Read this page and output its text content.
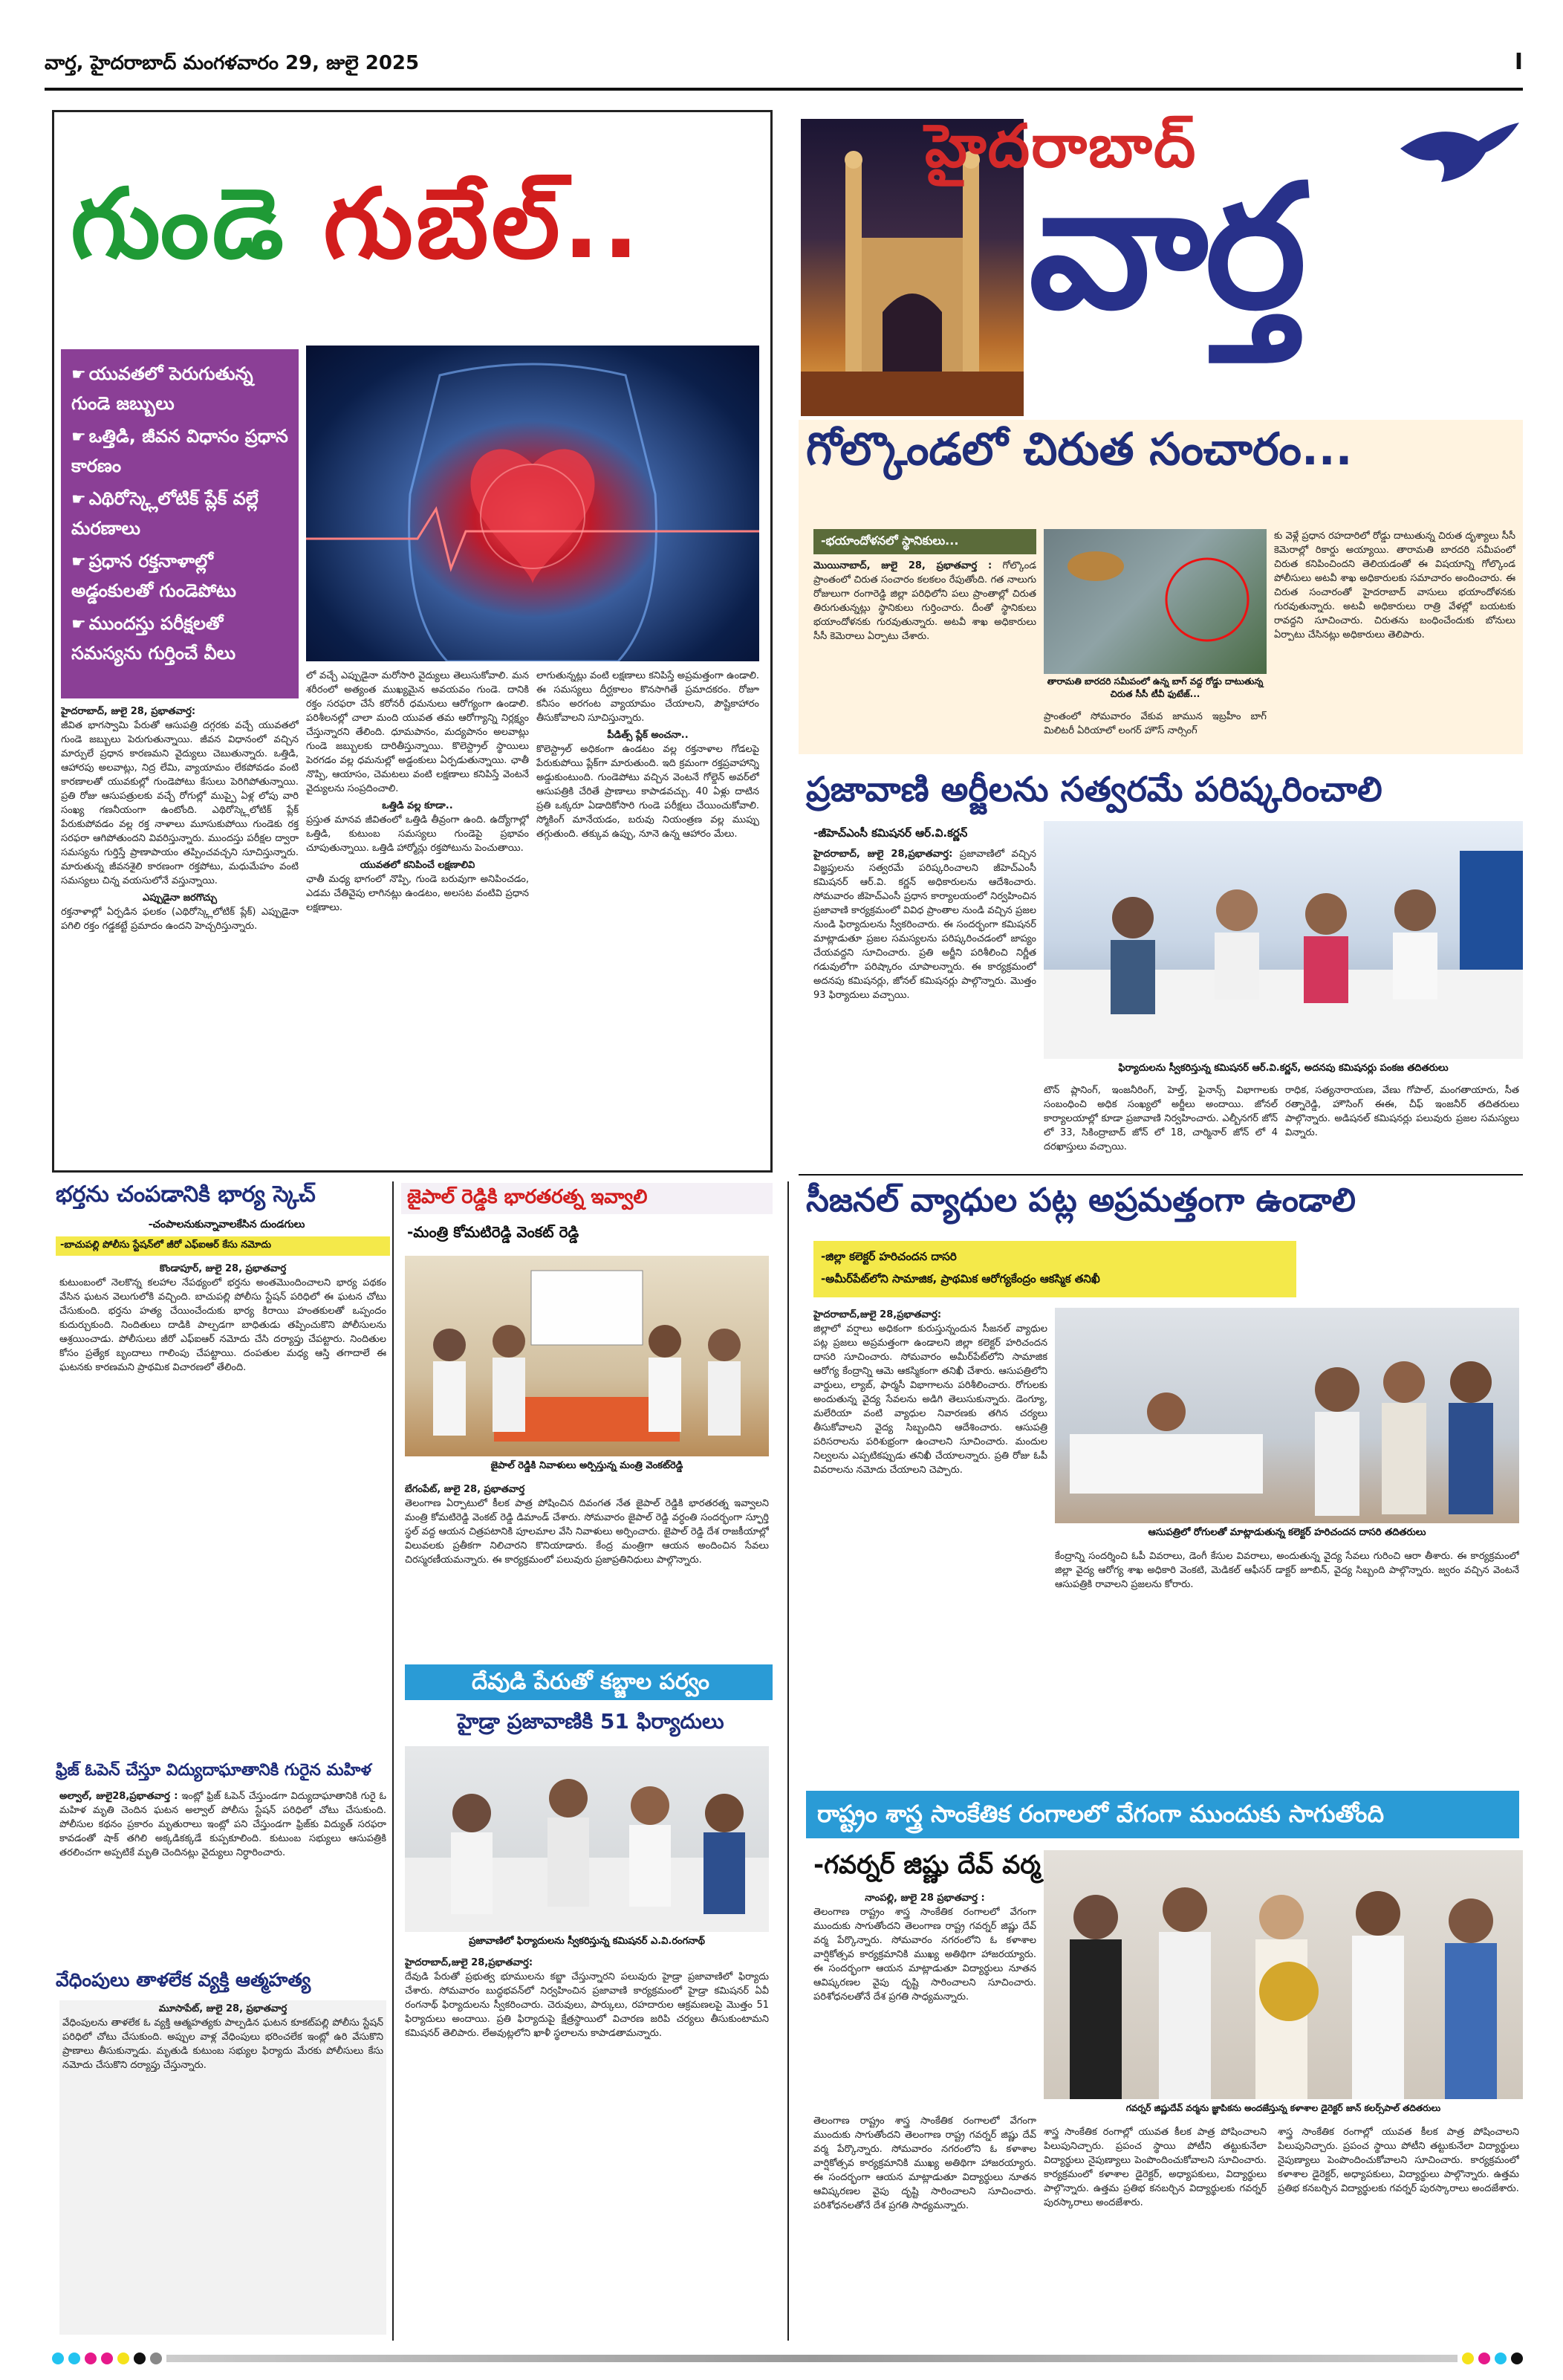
వార్త, హైదరాబాద్ మంగళవారం 29, జులై 2025	I
గుండె గుబేల్..
☛ యువతలో పెరుగుతున్న గుండె జబ్బులు
☛ ఒత్తిడి, జీవన విధానం ప్రధాన కారణం
☛ ఎథిరోస్క్లెలోటిక్ ప్లేక్ వల్లే మరణాలు
☛ ప్రధాన రక్తనాళాల్లో అడ్డంకులతో గుండెపోటు
☛ ముందస్తు పరీక్షలతో సమస్యను గుర్తించే వీలు
హైదరాబాద్, జులై 28, ప్రభాతవార్త:
జీవిత భాగస్వామి పేరుతో ఆసుపత్రి దగ్గరకు వచ్చే యువతలో గుండె జబ్బులు పెరుగుతున్నాయి. జీవన విధానంలో వచ్చిన మార్పులే ప్రధాన కారణమని వైద్యులు చెబుతున్నారు. ఒత్తిడి, ఆహారపు అలవాట్లు, నిద్ర లేమి, వ్యాయామం లేకపోవడం వంటి కారణాలతో యువకుల్లో గుండెపోటు కేసులు పెరిగిపోతున్నాయి. ప్రతి రోజు ఆసుపత్రులకు వచ్చే రోగుల్లో ముప్పై ఏళ్ల లోపు వారి సంఖ్య గణనీయంగా ఉంటోంది. ఎథిరోస్క్లెలోటిక్ ప్లేక్ పేరుకుపోవడం వల్ల రక్త నాళాలు మూసుకుపోయి గుండెకు రక్త సరఫరా ఆగిపోతుందని వివరిస్తున్నారు. ముందస్తు పరీక్షల ద్వారా సమస్యను గుర్తిస్తే ప్రాణాపాయం తప్పించవచ్చని సూచిస్తున్నారు. మారుతున్న జీవనశైలి కారణంగా రక్తపోటు, మధుమేహం వంటి సమస్యలు చిన్న వయసులోనే వస్తున్నాయి.
ఎప్పుడైనా జరగొచ్చు
రక్తనాళాల్లో ఏర్పడిన ఫలకం (ఎథిరోస్క్లెలోటిక్ ప్లేక్) ఎప్పుడైనా పగిలి రక్తం గడ్డకట్టే ప్రమాదం ఉందని హెచ్చరిస్తున్నారు.
లో వచ్చే ఎప్పుడైనా మరోసారి వైద్యులు తెలుసుకోవాలి. మన శరీరంలో అత్యంత ముఖ్యమైన అవయవం గుండె. దానికి రక్తం సరఫరా చేసే కరోనరీ ధమనులు ఆరోగ్యంగా ఉండాలి. పరిశీలనల్లో చాలా మంది యువత తమ ఆరోగ్యాన్ని నిర్లక్ష్యం చేస్తున్నారని తేలింది. ధూమపానం, మద్యపానం అలవాట్లు గుండె జబ్బులకు దారితీస్తున్నాయి. కొలెస్ట్రాల్ స్థాయిలు పెరగడం వల్ల ధమనుల్లో అడ్డంకులు ఏర్పడుతున్నాయి. ఛాతీ నొప్పి, ఆయాసం, చెమటలు వంటి లక్షణాలు కనిపిస్తే వెంటనే వైద్యులను సంప్రదించాలి.
ఒత్తిడి వల్ల కూడా..
ప్రస్తుత మానవ జీవితంలో ఒత్తిడి తీవ్రంగా ఉంది. ఉద్యోగాల్లో ఒత్తిడి, కుటుంబ సమస్యలు గుండెపై ప్రభావం చూపుతున్నాయి. ఒత్తిడి హార్మోన్లు రక్తపోటును పెంచుతాయి.
యువతలో కనిపించే లక్షణాలివి
ఛాతీ మధ్య భాగంలో నొప్పి, గుండె బరువుగా అనిపించడం, ఎడమ చేతివైపు లాగినట్లు ఉండటం, అలసట వంటివి ప్రధాన లక్షణాలు.
లాగుతున్నట్లు వంటి లక్షణాలు కనిపిస్తే అప్రమత్తంగా ఉండాలి. ఈ సమస్యలు దీర్ఘకాలం కొనసాగితే ప్రమాదకరం. రోజూ కనీసం అరగంట వ్యాయామం చేయాలని, పౌష్టికాహారం తీసుకోవాలని సూచిస్తున్నారు.
పీడిత్స్ ప్లేక్ అంచనా..
కొలెస్ట్రాల్ అధికంగా ఉండటం వల్ల రక్తనాళాల గోడలపై పేరుకుపోయి ప్లేక్‌గా మారుతుంది. ఇది క్రమంగా రక్తప్రవాహాన్ని అడ్డుకుంటుంది. గుండెపోటు వచ్చిన వెంటనే గోల్డెన్ అవర్‌లో ఆసుపత్రికి చేరితే ప్రాణాలు కాపాడవచ్చు. 40 ఏళ్లు దాటిన ప్రతి ఒక్కరూ ఏడాదికోసారి గుండె పరీక్షలు చేయించుకోవాలి. స్మోకింగ్ మానేయడం, బరువు నియంత్రణ వల్ల ముప్పు తగ్గుతుంది. తక్కువ ఉప్పు, నూనె ఉన్న ఆహారం మేలు.
హైదరాబాద్
వార్త
గోల్కొండలో చిరుత సంచారం...
-భయాందోళనలో స్థానికులు...
మొయినాబాద్, జులై 28, ప్రభాతవార్త : గోల్కొండ ప్రాంతంలో చిరుత సంచారం కలకలం రేపుతోంది. గత నాలుగు రోజులుగా రంగారెడ్డి జిల్లా పరిధిలోని పలు ప్రాంతాల్లో చిరుత తిరుగుతున్నట్లు స్థానికులు గుర్తించారు. దీంతో స్థానికులు భయాందోళనకు గురవుతున్నారు. అటవీ శాఖ అధికారులు సీసీ కెమెరాలు ఏర్పాటు చేశారు.
తారామతి బారదరి సమీపంలో ఉన్న బాగ్ వద్ద రోడ్డు దాటుతున్న చిరుత సీసీ టీవీ ఫుటేజ్...
ప్రాంతంలో సోమవారం వేకువ జామున ఇబ్రహీం బాగ్ మిలిటరీ ఏరియాలో లంగర్ హౌస్ నార్సింగ్
కు వెళ్లే ప్రధాన రహదారిలో రోడ్డు దాటుతున్న చిరుత దృశ్యాలు సీసీ కెమెరాల్లో రికార్డు అయ్యాయి. తారామతి బారదరి సమీపంలో చిరుత కనిపించిందని తెలియడంతో ఈ విషయాన్ని గోల్కొండ పోలీసులు అటవీ శాఖ అధికారులకు సమాచారం అందించారు. ఈ చిరుత సంచారంతో హైదరాబాద్ వాసులు భయాందోళనకు గురవుతున్నారు. అటవీ అధికారులు రాత్రి వేళల్లో బయటకు రావద్దని సూచించారు. చిరుతను బంధించేందుకు బోనులు ఏర్పాటు చేసినట్లు అధికారులు తెలిపారు.
ప్రజావాణి అర్జీలను సత్వరమే పరిష్కరించాలి
-జీహెచ్ఎంసీ కమిషనర్ ఆర్.వి.కర్ణన్
హైదరాబాద్, జులై 28,ప్రభాతవార్త: ప్రజావాణిలో వచ్చిన విజ్ఞప్తులను సత్వరమే పరిష్కరించాలని జీహెచ్ఎంసీ కమిషనర్ ఆర్.వి. కర్ణన్ అధికారులను ఆదేశించారు. సోమవారం జీహెచ్ఎంసీ ప్రధాన కార్యాలయంలో నిర్వహించిన ప్రజావాణి కార్యక్రమంలో వివిధ ప్రాంతాల నుండి వచ్చిన ప్రజల నుండి ఫిర్యాదులను స్వీకరించారు. ఈ సందర్భంగా కమిషనర్ మాట్లాడుతూ ప్రజల సమస్యలను పరిష్కరించడంలో జాప్యం చేయవద్దని సూచించారు. ప్రతి అర్జీని పరిశీలించి నిర్ణీత గడువులోగా పరిష్కారం చూపాలన్నారు. ఈ కార్యక్రమంలో అదనపు కమిషనర్లు, జోనల్ కమిషనర్లు పాల్గొన్నారు. మొత్తం 93 ఫిర్యాదులు వచ్చాయి.
ఫిర్యాదులను స్వీకరిస్తున్న కమిషనర్ ఆర్.వి.కర్ణన్, అదనపు కమిషనర్లు పంకజ తదితరులు
టౌన్ ప్లానింగ్, ఇంజనీరింగ్, హెల్త్, ఫైనాన్స్ విభాగాలకు సంబంధించి అధిక సంఖ్యలో అర్జీలు అందాయి. జోనల్ కార్యాలయాల్లో కూడా ప్రజావాణి నిర్వహించారు. ఎల్బీనగర్ జోన్ లో 33, సికింద్రాబాద్ జోన్ లో 18, చార్మినార్ జోన్ లో 4 దరఖాస్తులు వచ్చాయి.
రాధిక, సత్యనారాయణ, వేణు గోపాల్, మంగతాయారు, సీత రత్నారెడ్డి, హౌసింగ్ ఈఈ, చీఫ్ ఇంజనీర్ తదితరులు పాల్గొన్నారు. అడిషనల్ కమిషనర్లు పలువురు ప్రజల సమస్యలు విన్నారు.
సీజనల్ వ్యాధుల పట్ల అప్రమత్తంగా ఉండాలి
-జిల్లా కలెక్టర్ హరిచందన దాసరి
-అమీర్‌పేట్‌లోని సామాజిక, ప్రాథమిక ఆరోగ్యకేంద్రం ఆకస్మిక తనిఖీ
హైదరాబాద్,జులై 28,ప్రభాతవార్త:
జిల్లాలో వర్షాలు అధికంగా కురుస్తున్నందున సీజనల్ వ్యాధుల పట్ల ప్రజలు అప్రమత్తంగా ఉండాలని జిల్లా కలెక్టర్ హరిచందన దాసరి సూచించారు. సోమవారం అమీర్‌పేట్‌లోని సామాజిక ఆరోగ్య కేంద్రాన్ని ఆమె ఆకస్మికంగా తనిఖీ చేశారు. ఆసుపత్రిలోని వార్డులు, ల్యాబ్, ఫార్మసీ విభాగాలను పరిశీలించారు. రోగులకు అందుతున్న వైద్య సేవలను అడిగి తెలుసుకున్నారు. డెంగ్యూ, మలేరియా వంటి వ్యాధుల నివారణకు తగిన చర్యలు తీసుకోవాలని వైద్య సిబ్బందిని ఆదేశించారు. ఆసుపత్రి పరిసరాలను పరిశుభ్రంగా ఉంచాలని సూచించారు. మందుల నిల్వలను ఎప్పటికప్పుడు తనిఖీ చేయాలన్నారు. ప్రతి రోజు ఓపీ వివరాలను నమోదు చేయాలని చెప్పారు.
ఆసుపత్రిలో రోగులతో మాట్లాడుతున్న కలెక్టర్ హరిచందన దాసరి తదితరులు
కేంద్రాన్ని సందర్శించి ఓపీ వివరాలు, డెంగీ కేసుల వివరాలు, అందుతున్న వైద్య సేవలు గురించి ఆరా తీశారు. ఈ కార్యక్రమంలో జిల్లా వైద్య ఆరోగ్య శాఖ అధికారి వెంకటి, మెడికల్ ఆఫీసర్ డాక్టర్ జూబిన్, వైద్య సిబ్బంది పాల్గొన్నారు. జ్వరం వచ్చిన వెంటనే ఆసుపత్రికి రావాలని ప్రజలను కోరారు.
రాష్ట్రం శాస్త్ర సాంకేతిక రంగాలలో వేగంగా ముందుకు సాగుతోంది
-గవర్నర్ జిష్ణు దేవ్ వర్మ
నాంపల్లి, జులై 28 ప్రభాతవార్త :
తెలంగాణ రాష్ట్రం శాస్త్ర సాంకేతిక రంగాలలో వేగంగా ముందుకు సాగుతోందని తెలంగాణ రాష్ట్ర గవర్నర్ జిష్ణు దేవ్ వర్మ పేర్కొన్నారు. సోమవారం నగరంలోని ఓ కళాశాల వార్షికోత్సవ కార్యక్రమానికి ముఖ్య అతిథిగా హాజరయ్యారు. ఈ సందర్భంగా ఆయన మాట్లాడుతూ విద్యార్థులు నూతన ఆవిష్కరణల వైపు దృష్టి సారించాలని సూచించారు. పరిశోధనలతోనే దేశ ప్రగతి సాధ్యమన్నారు.
గవర్నర్ జిష్ణుదేవ్ వర్మను జ్ఞాపికను అందజేస్తున్న కళాశాల డైరెక్టర్ జాన్ కలర్స్‌పాల్ తదితరులు
శాస్త్ర సాంకేతిక రంగాల్లో యువత కీలక పాత్ర పోషించాలని పిలుపునిచ్చారు. ప్రపంచ స్థాయి పోటీని తట్టుకునేలా విద్యార్థులు నైపుణ్యాలు పెంపొందించుకోవాలని సూచించారు. కార్యక్రమంలో కళాశాల డైరెక్టర్, అధ్యాపకులు, విద్యార్థులు పాల్గొన్నారు. ఉత్తమ ప్రతిభ కనబర్చిన విద్యార్థులకు గవర్నర్ పురస్కారాలు అందజేశారు.
తెలంగాణ రాష్ట్రం శాస్త్ర సాంకేతిక రంగాలలో వేగంగా ముందుకు సాగుతోందని తెలంగాణ రాష్ట్ర గవర్నర్ జిష్ణు దేవ్ వర్మ పేర్కొన్నారు. సోమవారం నగరంలోని ఓ కళాశాల వార్షికోత్సవ కార్యక్రమానికి ముఖ్య అతిథిగా హాజరయ్యారు. ఈ సందర్భంగా ఆయన మాట్లాడుతూ విద్యార్థులు నూతన ఆవిష్కరణల వైపు దృష్టి సారించాలని సూచించారు. పరిశోధనలతోనే దేశ ప్రగతి సాధ్యమన్నారు.
శాస్త్ర సాంకేతిక రంగాల్లో యువత కీలక పాత్ర పోషించాలని పిలుపునిచ్చారు. ప్రపంచ స్థాయి పోటీని తట్టుకునేలా విద్యార్థులు నైపుణ్యాలు పెంపొందించుకోవాలని సూచించారు. కార్యక్రమంలో కళాశాల డైరెక్టర్, అధ్యాపకులు, విద్యార్థులు పాల్గొన్నారు. ఉత్తమ ప్రతిభ కనబర్చిన విద్యార్థులకు గవర్నర్ పురస్కారాలు అందజేశారు.
భర్తను చంపడానికి భార్య స్కెచ్
-చంపాలనుకున్నావాలకేసిన దుండగులు
-బాచుపల్లి పోలీసు స్టేషన్‌లో జీరో ఎఫ్ఐఆర్ కేసు నమోదు
కొండాపూర్, జులై 28, ప్రభాతవార్త
కుటుంబంలో నెలకొన్న కలహాల నేపథ్యంలో భర్తను అంతమొందించాలని భార్య పథకం వేసిన ఘటన వెలుగులోకి వచ్చింది. బాచుపల్లి పోలీసు స్టేషన్ పరిధిలో ఈ ఘటన చోటు చేసుకుంది. భర్తను హత్య చేయించేందుకు భార్య కిరాయి హంతకులతో ఒప్పందం కుదుర్చుకుంది. నిందితులు దాడికి పాల్పడగా బాధితుడు తప్పించుకొని పోలీసులను ఆశ్రయించాడు. పోలీసులు జీరో ఎఫ్ఐఆర్ నమోదు చేసి దర్యాప్తు చేపట్టారు. నిందితుల కోసం ప్రత్యేక బృందాలు గాలింపు చేపట్టాయి. దంపతుల మధ్య ఆస్తి తగాదాలే ఈ ఘటనకు కారణమని ప్రాథమిక విచారణలో తేలింది.
ఫ్రిజ్ ఓపెన్ చేస్తూ విద్యుదాఘాతానికి గురైన మహిళ
అల్వాల్, జులై28,ప్రభాతవార్త : ఇంట్లో ఫ్రిజ్ ఓపెన్ చేస్తుండగా విద్యుదాఘాతానికి గురై ఓ మహిళ మృతి చెందిన ఘటన అల్వాల్ పోలీసు స్టేషన్ పరిధిలో చోటు చేసుకుంది. పోలీసుల కథనం ప్రకారం మృతురాలు ఇంట్లో పని చేస్తుండగా ఫ్రిజ్‌కు విద్యుత్ సరఫరా కావడంతో షాక్ తగిలి అక్కడికక్కడే కుప్పకూలింది. కుటుంబ సభ్యులు ఆసుపత్రికి తరలించగా అప్పటికే మృతి చెందినట్లు వైద్యులు నిర్ధారించారు.
వేధింపులు తాళలేక వ్యక్తి ఆత్మహత్య
మూసాపేట్, జులై 28, ప్రభాతవార్త
వేధింపులను తాళలేక ఓ వ్యక్తి ఆత్మహత్యకు పాల్పడిన ఘటన కూకట్‌పల్లి పోలీసు స్టేషన్ పరిధిలో చోటు చేసుకుంది. అప్పుల వాళ్ల వేధింపులు భరించలేక ఇంట్లో ఉరి వేసుకొని ప్రాణాలు తీసుకున్నాడు. మృతుడి కుటుంబ సభ్యుల ఫిర్యాదు మేరకు పోలీసులు కేసు నమోదు చేసుకొని దర్యాప్తు చేస్తున్నారు.
జైపాల్ రెడ్డికి భారతరత్న ఇవ్వాలి
-మంత్రి కోమటిరెడ్డి వెంకట్ రెడ్డి
జైపాల్ రెడ్డికి నివాళులు అర్పిస్తున్న మంత్రి వెంకట్‌రెడ్డి
బేగంపేట్, జులై 28, ప్రభాతవార్త
తెలంగాణ ఏర్పాటులో కీలక పాత్ర పోషించిన దివంగత నేత జైపాల్ రెడ్డికి భారతరత్న ఇవ్వాలని మంత్రి కోమటిరెడ్డి వెంకట్ రెడ్డి డిమాండ్ చేశారు. సోమవారం జైపాల్ రెడ్డి వర్ధంతి సందర్భంగా స్ఫూర్తి స్థల్ వద్ద ఆయన చిత్రపటానికి పూలమాల వేసి నివాళులు అర్పించారు. జైపాల్ రెడ్డి దేశ రాజకీయాల్లో విలువలకు ప్రతీకగా నిలిచారని కొనియాడారు. కేంద్ర మంత్రిగా ఆయన అందించిన సేవలు చిరస్మరణీయమన్నారు. ఈ కార్యక్రమంలో పలువురు ప్రజాప్రతినిధులు పాల్గొన్నారు.
దేవుడి పేరుతో కబ్జాల పర్వం
హైడ్రా ప్రజావాణికి 51 ఫిర్యాదులు
ప్రజావాణిలో ఫిర్యాదులను స్వీకరిస్తున్న కమిషనర్ ఎ.వి.రంగనాథ్
హైదరాబాద్,జులై 28,ప్రభాతవార్త:
దేవుడి పేరుతో ప్రభుత్వ భూములను కబ్జా చేస్తున్నారని పలువురు హైడ్రా ప్రజావాణిలో ఫిర్యాదు చేశారు. సోమవారం బుద్ధభవన్‌లో నిర్వహించిన ప్రజావాణి కార్యక్రమంలో హైడ్రా కమిషనర్ ఏవీ రంగనాథ్ ఫిర్యాదులను స్వీకరించారు. చెరువులు, పార్కులు, రహదారుల ఆక్రమణలపై మొత్తం 51 ఫిర్యాదులు అందాయి. ప్రతి ఫిర్యాదుపై క్షేత్రస్థాయిలో విచారణ జరిపి చర్యలు తీసుకుంటామని కమిషనర్ తెలిపారు. లేఅవుట్లలోని ఖాళీ స్థలాలను కాపాడతామన్నారు.
